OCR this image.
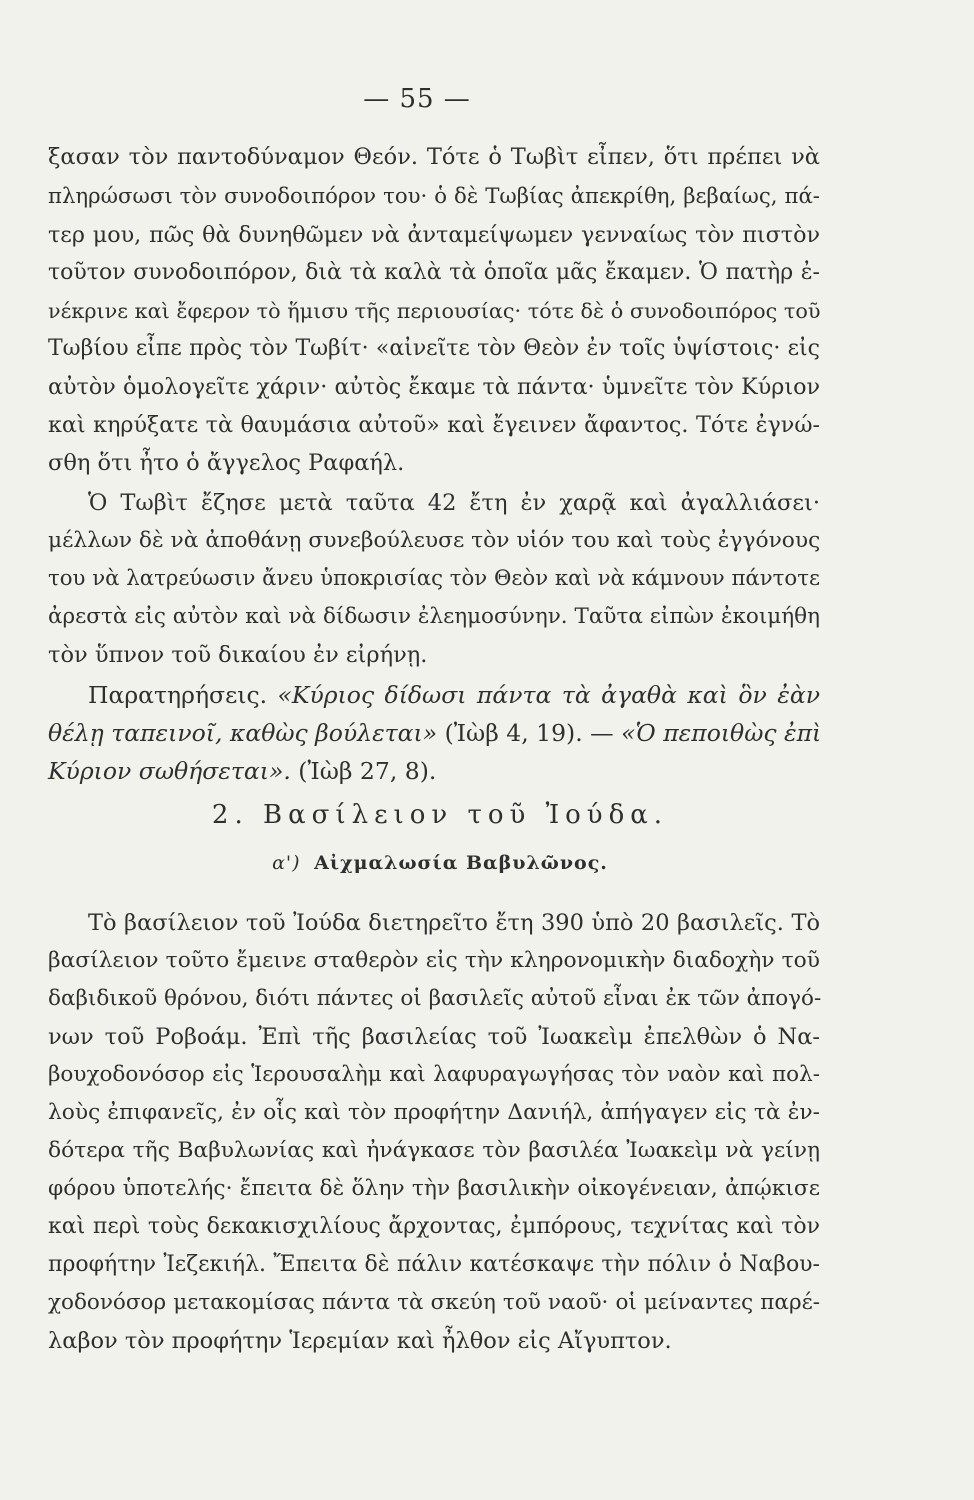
— 55 —
ξασαν τὸν παντοδύναμον Θεόν. Τότε ὁ Τωβὶτ εἶπεν, ὅτι πρέπει νὰ
πληρώσωσι τὸν συνοδοιπόρον του· ὁ δὲ Τωβίας ἀπεκρίθη, βεβαίως, πά-
τερ μου, πῶς θὰ δυνηθῶμεν νὰ ἀνταμείψωμεν γενναίως τὸν πιστὸν
τοῦτον συνοδοιπόρον, διὰ τὰ καλὰ τὰ ὁποῖα μᾶς ἔκαμεν. Ὁ πατὴρ ἐ-
νέκρινε καὶ ἔφερον τὸ ἥμισυ τῆς περιουσίας· τότε δὲ ὁ συνοδοιπόρος τοῦ
Τωβίου εἶπε πρὸς τὸν Τωβίτ· «αἰνεῖτε τὸν Θεὸν ἐν τοῖς ὑψίστοις· εἰς
αὐτὸν ὁμολογεῖτε χάριν· αὐτὸς ἔκαμε τὰ πάντα· ὑμνεῖτε τὸν Κύριον
καὶ κηρύξατε τὰ θαυμάσια αὐτοῦ» καὶ ἔγεινεν ἄφαντος. Τότε ἐγνώ-
σθη ὅτι ἦτο ὁ ἄγγελος Ραφαήλ.
Ὁ Τωβὶτ ἔζησε μετὰ ταῦτα 42 ἔτη ἐν χαρᾷ καὶ ἀγαλλιάσει·
μέλλων δὲ νὰ ἀποθάνῃ συνεβούλευσε τὸν υἱόν του καὶ τοὺς ἐγγόνους
του νὰ λατρεύωσιν ἄνευ ὑποκρισίας τὸν Θεὸν καὶ νὰ κάμνουν πάντοτε
ἀρεστὰ εἰς αὐτὸν καὶ νὰ δίδωσιν ἐλεημοσύνην. Ταῦτα εἰπὼν ἐκοιμήθη
τὸν ὕπνον τοῦ δικαίου ἐν εἰρήνῃ.
Παρατηρήσεις. «Κύριος δίδωσι πάντα τὰ ἀγαθὰ καὶ ὃν ἐὰν
θέλῃ ταπεινοῖ, καθὼς βούλεται» (Ἰὼβ 4, 19). — «Ὁ πεποιθὼς ἐπὶ
Κύριον σωθήσεται». (Ἰὼβ 27, 8).
2. Βασίλειον τοῦ Ἰούδα.
α') Αἰχμαλωσία Βαβυλῶνος.
Τὸ βασίλειον τοῦ Ἰούδα διετηρεῖτο ἔτη 390 ὑπὸ 20 βασιλεῖς. Τὸ
βασίλειον τοῦτο ἔμεινε σταθερὸν εἰς τὴν κληρονομικὴν διαδοχὴν τοῦ
δαβιδικοῦ θρόνου, διότι πάντες οἱ βασιλεῖς αὐτοῦ εἶναι ἐκ τῶν ἀπογό-
νων τοῦ Ροβοάμ. Ἐπὶ τῆς βασιλείας τοῦ Ἰωακεὶμ ἐπελθὼν ὁ Να-
βουχοδονόσορ εἰς Ἱερουσαλὴμ καὶ λαφυραγωγήσας τὸν ναὸν καὶ πολ-
λοὺς ἐπιφανεῖς, ἐν οἷς καὶ τὸν προφήτην Δανιήλ, ἀπήγαγεν εἰς τὰ ἐν-
δότερα τῆς Βαβυλωνίας καὶ ἠνάγκασε τὸν βασιλέα Ἰωακεὶμ νὰ γείνῃ
φόρου ὑποτελής· ἔπειτα δὲ ὅλην τὴν βασιλικὴν οἰκογένειαν, ἀπῴκισε
καὶ περὶ τοὺς δεκακισχιλίους ἄρχοντας, ἐμπόρους, τεχνίτας καὶ τὸν
προφήτην Ἰεζεκιήλ. Ἔπειτα δὲ πάλιν κατέσκαψε τὴν πόλιν ὁ Ναβου-
χοδονόσορ μετακομίσας πάντα τὰ σκεύη τοῦ ναοῦ· οἱ μείναντες παρέ-
λαβον τὸν προφήτην Ἱερεμίαν καὶ ἦλθον εἰς Αἴγυπτον.
